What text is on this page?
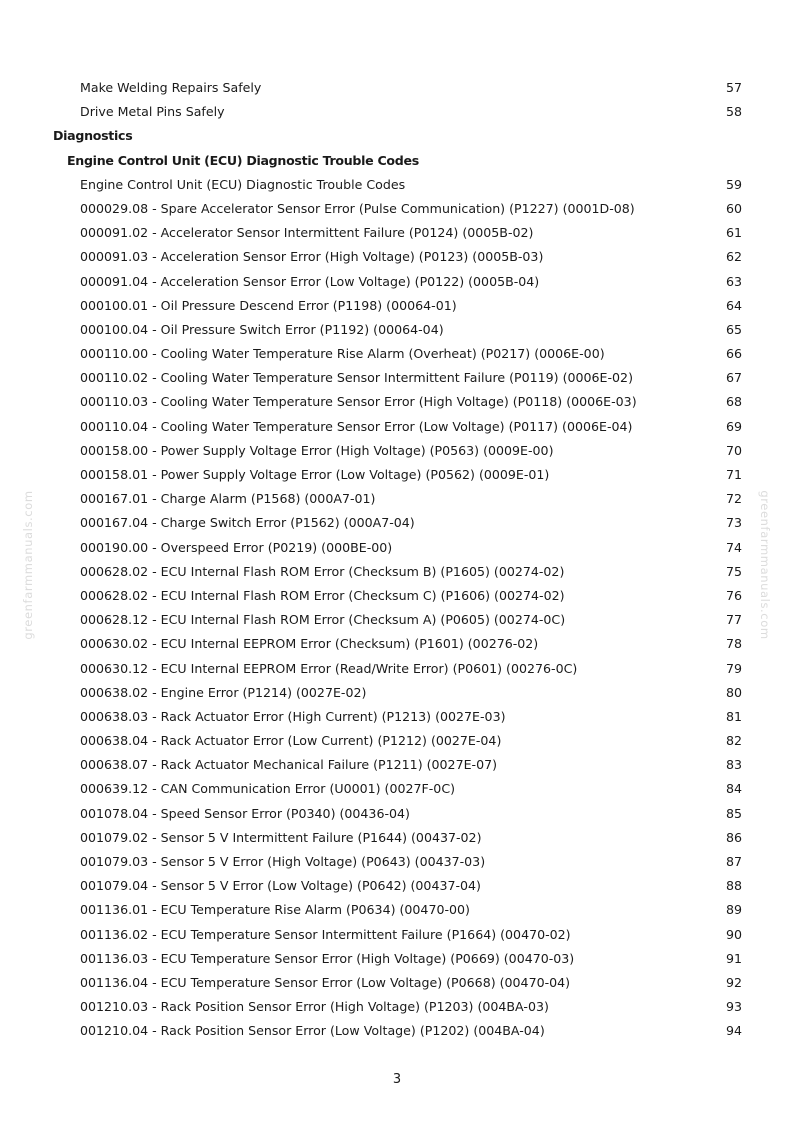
greenfarmmanuals.com	greenfarmmanuals.com
Make Welding Repairs Safely	57
Drive Metal Pins Safely	58
Diagnostics
Engine Control Unit (ECU) Diagnostic Trouble Codes
Engine Control Unit (ECU) Diagnostic Trouble Codes	59
000029.08 - Spare Accelerator Sensor Error (Pulse Communication) (P1227) (0001D-08)	60
000091.02 - Accelerator Sensor Intermittent Failure (P0124) (0005B-02)	61
000091.03 - Acceleration Sensor Error (High Voltage) (P0123) (0005B-03)	62
000091.04 - Acceleration Sensor Error (Low Voltage) (P0122) (0005B-04)	63
000100.01 - Oil Pressure Descend Error (P1198) (00064-01)	64
000100.04 - Oil Pressure Switch Error (P1192) (00064-04)	65
000110.00 - Cooling Water Temperature Rise Alarm (Overheat) (P0217) (0006E-00)	66
000110.02 - Cooling Water Temperature Sensor Intermittent Failure (P0119) (0006E-02)	67
000110.03 - Cooling Water Temperature Sensor Error (High Voltage) (P0118) (0006E-03)	68
000110.04 - Cooling Water Temperature Sensor Error (Low Voltage) (P0117) (0006E-04)	69
000158.00 - Power Supply Voltage Error (High Voltage) (P0563) (0009E-00)	70
000158.01 - Power Supply Voltage Error (Low Voltage) (P0562) (0009E-01)	71
000167.01 - Charge Alarm (P1568) (000A7-01)	72
000167.04 - Charge Switch Error (P1562) (000A7-04)	73
000190.00 - Overspeed Error (P0219) (000BE-00)	74
000628.02 - ECU Internal Flash ROM Error (Checksum B) (P1605) (00274-02)	75
000628.02 - ECU Internal Flash ROM Error (Checksum C) (P1606) (00274-02)	76
000628.12 - ECU Internal Flash ROM Error (Checksum A) (P0605) (00274-0C)	77
000630.02 - ECU Internal EEPROM Error (Checksum) (P1601) (00276-02)	78
000630.12 - ECU Internal EEPROM Error (Read/Write Error) (P0601) (00276-0C)	79
000638.02 - Engine Error (P1214) (0027E-02)	80
000638.03 - Rack Actuator Error (High Current) (P1213) (0027E-03)	81
000638.04 - Rack Actuator Error (Low Current) (P1212) (0027E-04)	82
000638.07 - Rack Actuator Mechanical Failure (P1211) (0027E-07)	83
000639.12 - CAN Communication Error (U0001) (0027F-0C)	84
001078.04 - Speed Sensor Error (P0340) (00436-04)	85
001079.02 - Sensor 5 V Intermittent Failure (P1644) (00437-02)	86
001079.03 - Sensor 5 V Error (High Voltage) (P0643) (00437-03)	87
001079.04 - Sensor 5 V Error (Low Voltage) (P0642) (00437-04)	88
001136.01 - ECU Temperature Rise Alarm (P0634) (00470-00)	89
001136.02 - ECU Temperature Sensor Intermittent Failure (P1664) (00470-02)	90
001136.03 - ECU Temperature Sensor Error (High Voltage) (P0669) (00470-03)	91
001136.04 - ECU Temperature Sensor Error (Low Voltage) (P0668) (00470-04)	92
001210.03 - Rack Position Sensor Error (High Voltage) (P1203) (004BA-03)	93
001210.04 - Rack Position Sensor Error (Low Voltage) (P1202) (004BA-04)	94
3
